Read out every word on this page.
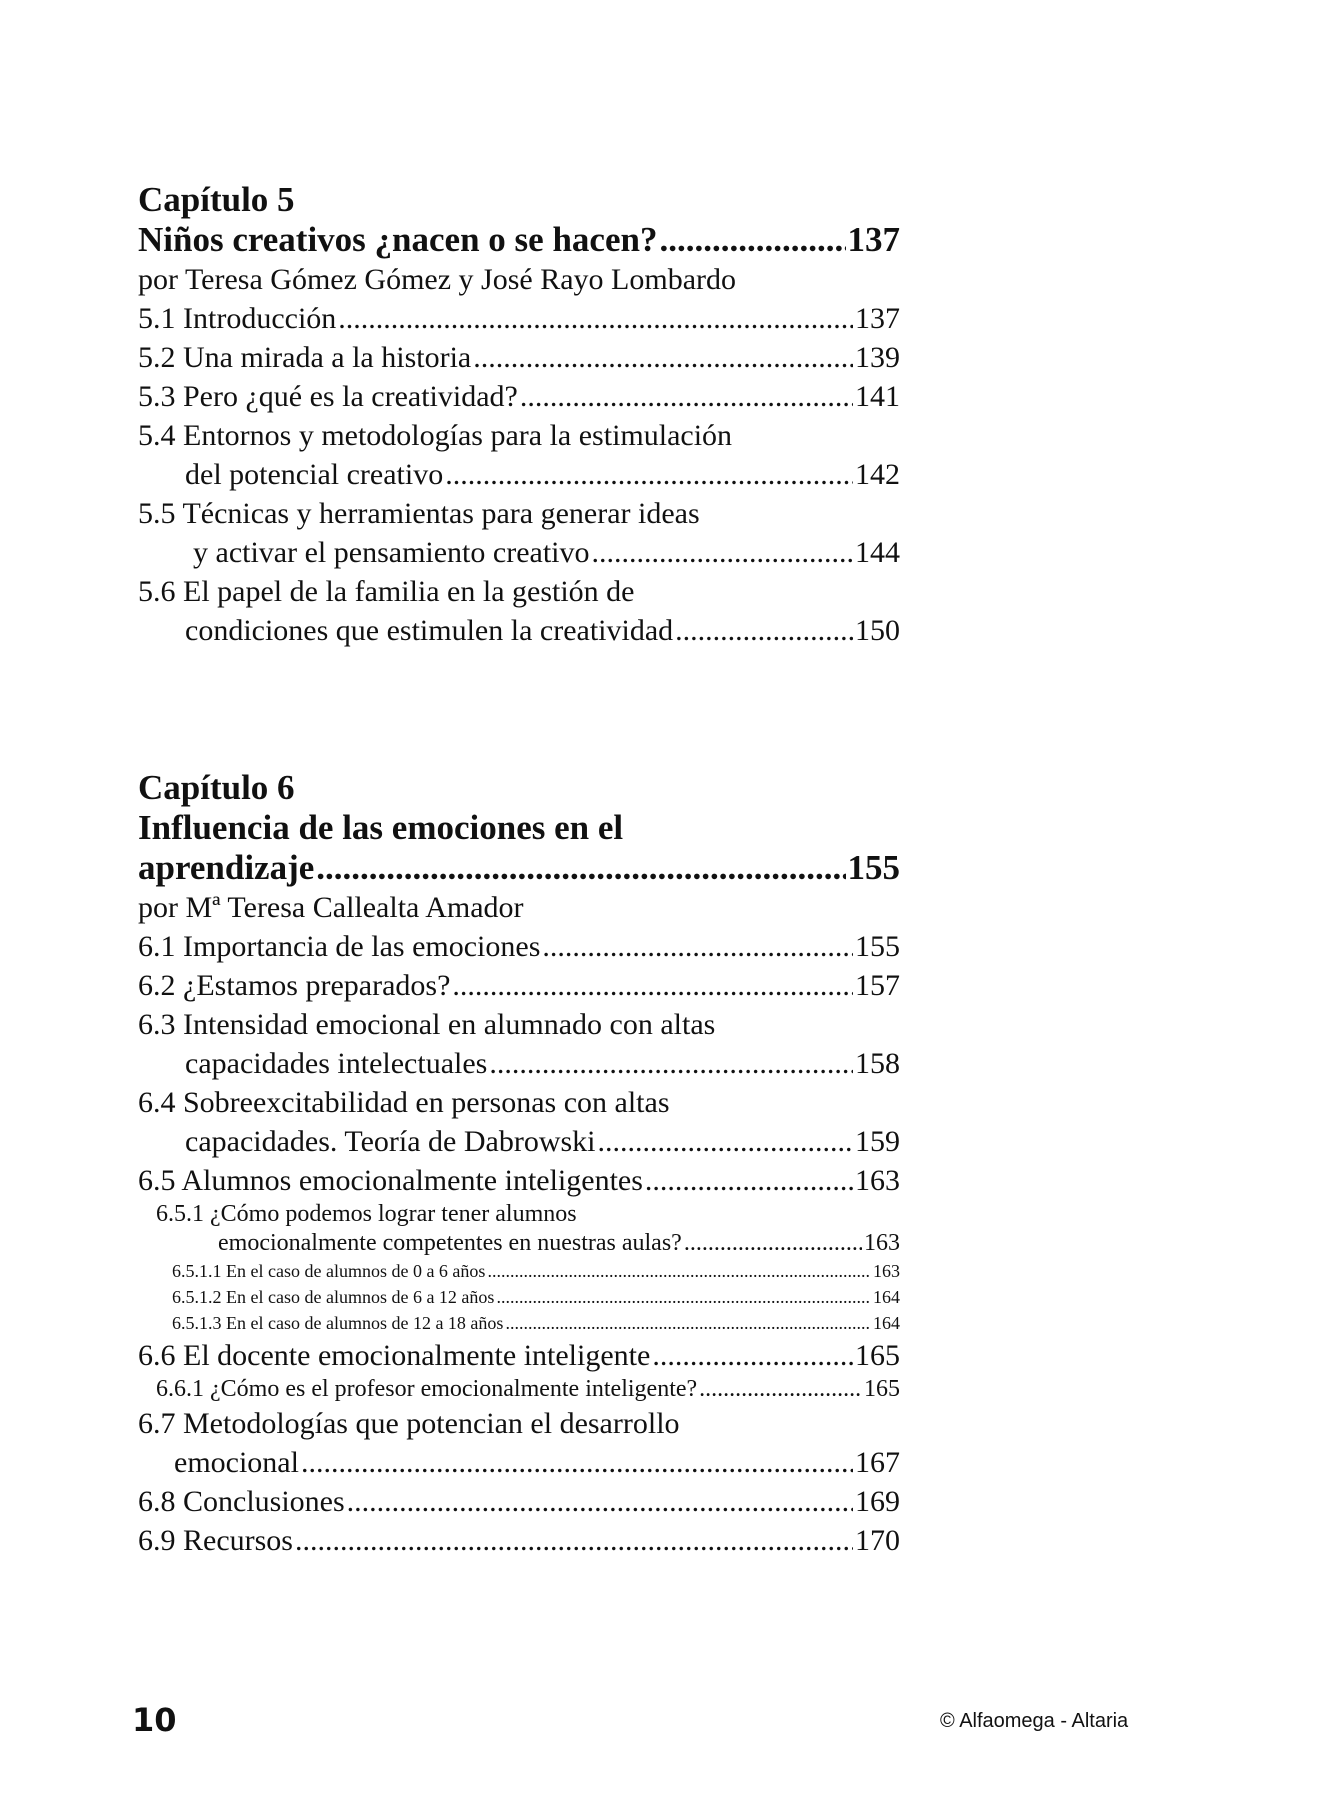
Capítulo 5
Niños creativos ¿nacen o se hacen? .....	137
por Teresa Gómez Gómez y José Rayo Lombardo
5.1 Introducción .....	137
5.2 Una mirada a la historia .....	139
5.3 Pero ¿qué es la creatividad? .....	141
5.4 Entornos y metodologías para la estimulación
del potencial creativo .....	142
5.5 Técnicas y herramientas para generar ideas
y activar el pensamiento creativo .....	144
5.6 El papel de la familia en la gestión de
condiciones que estimulen la creatividad .....	150
Capítulo 6
Influencia de las emociones en el
aprendizaje .....	155
por Mª Teresa Callealta Amador
6.1 Importancia de las emociones .....	155
6.2 ¿Estamos preparados? .....	157
6.3 Intensidad emocional en alumnado con altas
capacidades intelectuales .....	158
6.4 Sobreexcitabilidad en personas con altas
capacidades. Teoría de Dabrowski .....	159
6.5 Alumnos emocionalmente inteligentes .....	163
6.5.1 ¿Cómo podemos lograr tener alumnos
emocionalmente competentes en nuestras aulas? .....	163
6.5.1.1 En el caso de alumnos de 0 a 6 años .....	163
6.5.1.2 En el caso de alumnos de 6 a 12 años .....	164
6.5.1.3 En el caso de alumnos de 12 a 18 años .....	164
6.6 El docente emocionalmente inteligente .....	165
6.6.1 ¿Cómo es el profesor emocionalmente inteligente? .....	165
6.7 Metodologías que potencian el desarrollo
emocional .....	167
6.8 Conclusiones .....	169
6.9 Recursos .....	170
10	© Alfaomega - Altaria
